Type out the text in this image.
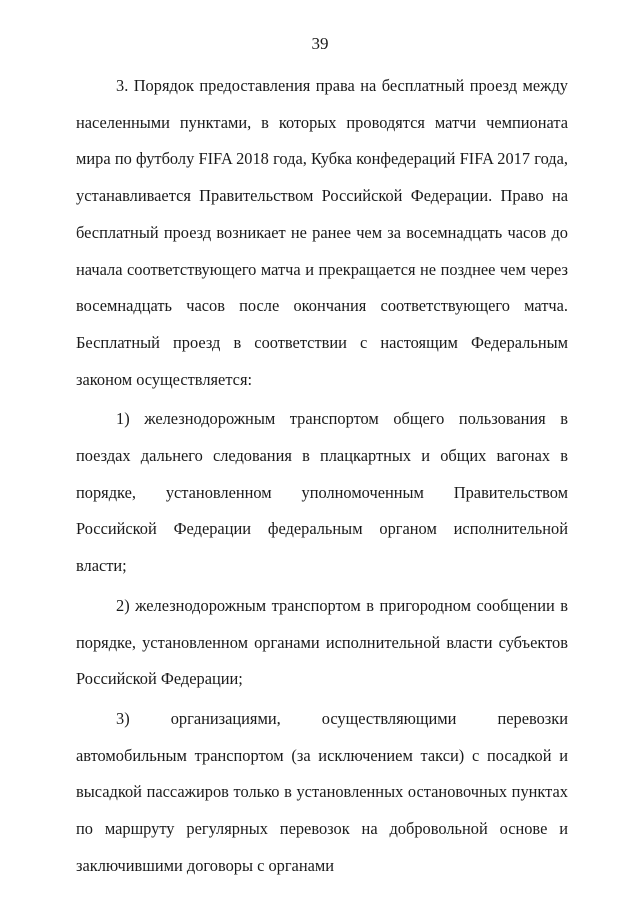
39

3. Порядок предоставления права на бесплатный проезд между населенными пунктами, в которых проводятся матчи чемпионата мира по футболу FIFA 2018 года, Кубка конфедераций FIFA 2017 года, устанавливается Правительством Российской Федерации. Право на бесплатный проезд возникает не ранее чем за восемнадцать часов до начала соответствующего матча и прекращается не позднее чем через восемнадцать часов после окончания соответствующего матча. Бесплатный проезд в соответствии с настоящим Федеральным законом осуществляется:

1) железнодорожным транспортом общего пользования в поездах дальнего следования в плацкартных и общих вагонах в порядке, установленном уполномоченным Правительством Российской Федерации федеральным органом исполнительной власти;

2) железнодорожным транспортом в пригородном сообщении в порядке, установленном органами исполнительной власти субъектов Российской Федерации;

3) организациями, осуществляющими перевозки автомобильным транспортом (за исключением такси) с посадкой и высадкой пассажиров только в установленных остановочных пунктах по маршруту регулярных перевозок на добровольной основе и заключившими договоры с органами
